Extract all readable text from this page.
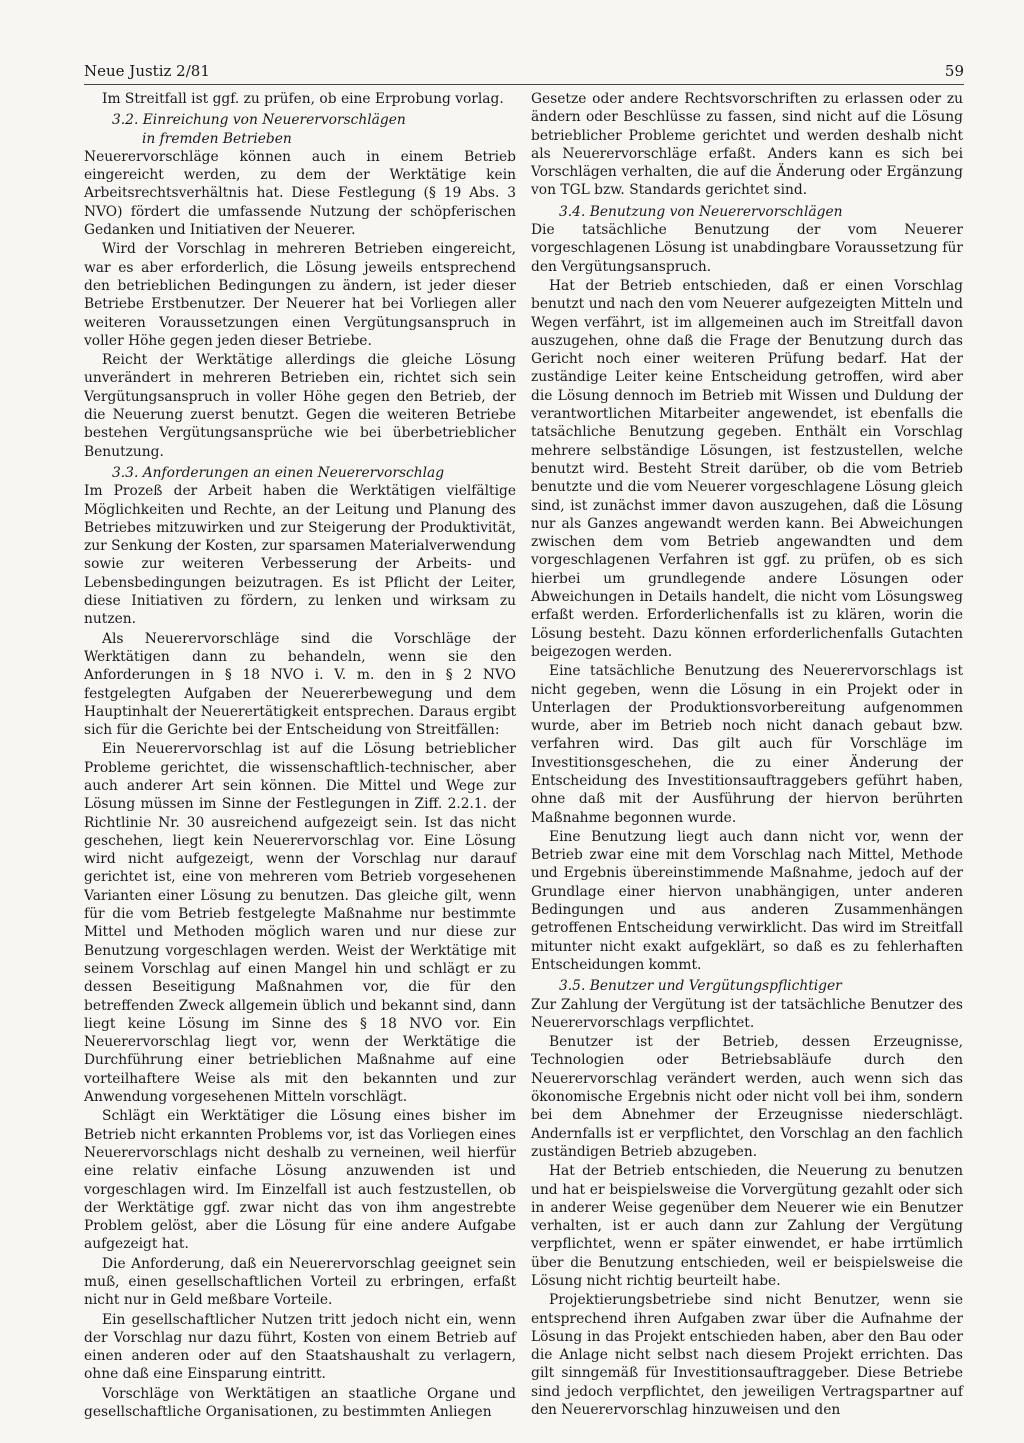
Neue Justiz 2/81	59

Im Streitfall ist ggf. zu prüfen, ob eine Erprobung vorlag.

3.2. Einreichung von Neuerervorschlägen

in fremden Betrieben

Neuerervorschläge können auch in einem Betrieb eingereicht werden, zu dem der Werktätige kein Arbeitsrechtsverhältnis hat. Diese Festlegung (§ 19 Abs. 3 NVO) fördert die umfassende Nutzung der schöpferischen Gedanken und Initiativen der Neuerer.

Wird der Vorschlag in mehreren Betrieben eingereicht, war es aber erforderlich, die Lösung jeweils entsprechend den betrieblichen Bedingungen zu ändern, ist jeder dieser Betriebe Erstbenutzer. Der Neuerer hat bei Vorliegen aller weiteren Voraussetzungen einen Vergütungsanspruch in voller Höhe gegen jeden dieser Betriebe.

Reicht der Werktätige allerdings die gleiche Lösung unverändert in mehreren Betrieben ein, richtet sich sein Vergütungsanspruch in voller Höhe gegen den Betrieb, der die Neuerung zuerst benutzt. Gegen die weiteren Betriebe bestehen Vergütungsansprüche wie bei überbetrieblicher Benutzung.

3.3. Anforderungen an einen Neuerervorschlag

Im Prozeß der Arbeit haben die Werktätigen vielfältige Möglichkeiten und Rechte, an der Leitung und Planung des Betriebes mitzuwirken und zur Steigerung der Produktivität, zur Senkung der Kosten, zur sparsamen Materialverwendung sowie zur weiteren Verbesserung der Arbeits- und Lebensbedingungen beizutragen. Es ist Pflicht der Leiter, diese Initiativen zu fördern, zu lenken und wirksam zu nutzen.

Als Neuerervorschläge sind die Vorschläge der Werktätigen dann zu behandeln, wenn sie den Anforderungen in § 18 NVO i. V. m. den in § 2 NVO festgelegten Aufgaben der Neuererbewegung und dem Hauptinhalt der Neuerertätigkeit entsprechen. Daraus ergibt sich für die Gerichte bei der Entscheidung von Streitfällen:

Ein Neuerervorschlag ist auf die Lösung betrieblicher Probleme gerichtet, die wissenschaftlich-technischer, aber auch anderer Art sein können. Die Mittel und Wege zur Lösung müssen im Sinne der Festlegungen in Ziff. 2.2.1. der Richtlinie Nr. 30 ausreichend aufgezeigt sein. Ist das nicht geschehen, liegt kein Neuerervorschlag vor. Eine Lösung wird nicht aufgezeigt, wenn der Vorschlag nur darauf gerichtet ist, eine von mehreren vom Betrieb vorgesehenen Varianten einer Lösung zu benutzen. Das gleiche gilt, wenn für die vom Betrieb festgelegte Maßnahme nur bestimmte Mittel und Methoden möglich waren und nur diese zur Benutzung vorgeschlagen werden. Weist der Werktätige mit seinem Vorschlag auf einen Mangel hin und schlägt er zu dessen Beseitigung Maßnahmen vor, die für den betreffenden Zweck allgemein üblich und bekannt sind, dann liegt keine Lösung im Sinne des § 18 NVO vor. Ein Neuerervorschlag liegt vor, wenn der Werktätige die Durchführung einer betrieblichen Maßnahme auf eine vorteilhaftere Weise als mit den bekannten und zur Anwendung vorgesehenen Mitteln vorschlägt.

Schlägt ein Werktätiger die Lösung eines bisher im Betrieb nicht erkannten Problems vor, ist das Vorliegen eines Neuerervorschlags nicht deshalb zu verneinen, weil hierfür eine relativ einfache Lösung anzuwenden ist und vorgeschlagen wird. Im Einzelfall ist auch festzustellen, ob der Werktätige ggf. zwar nicht das von ihm angestrebte Problem gelöst, aber die Lösung für eine andere Aufgabe aufgezeigt hat.

Die Anforderung, daß ein Neuerervorschlag geeignet sein muß, einen gesellschaftlichen Vorteil zu erbringen, erfaßt nicht nur in Geld meßbare Vorteile.

Ein gesellschaftlicher Nutzen tritt jedoch nicht ein, wenn der Vorschlag nur dazu führt, Kosten von einem Betrieb auf einen anderen oder auf den Staatshaushalt zu verlagern, ohne daß eine Einsparung eintritt.

Vorschläge von Werktätigen an staatliche Organe und gesellschaftliche Organisationen, zu bestimmten Anliegen

Gesetze oder andere Rechtsvorschriften zu erlassen oder zu ändern oder Beschlüsse zu fassen, sind nicht auf die Lösung betrieblicher Probleme gerichtet und werden deshalb nicht als Neuerervorschläge erfaßt. Anders kann es sich bei Vorschlägen verhalten, die auf die Änderung oder Ergänzung von TGL bzw. Standards gerichtet sind.

3.4. Benutzung von Neuerervorschlägen

Die tatsächliche Benutzung der vom Neuerer vorgeschlagenen Lösung ist unabdingbare Voraussetzung für den Vergütungsanspruch.

Hat der Betrieb entschieden, daß er einen Vorschlag benutzt und nach den vom Neuerer aufgezeigten Mitteln und Wegen verfährt, ist im allgemeinen auch im Streitfall davon auszugehen, ohne daß die Frage der Benutzung durch das Gericht noch einer weiteren Prüfung bedarf. Hat der zuständige Leiter keine Entscheidung getroffen, wird aber die Lösung dennoch im Betrieb mit Wissen und Duldung der verantwortlichen Mitarbeiter angewendet, ist ebenfalls die tatsächliche Benutzung gegeben. Enthält ein Vorschlag mehrere selbständige Lösungen, ist festzustellen, welche benutzt wird. Besteht Streit darüber, ob die vom Betrieb benutzte und die vom Neuerer vorgeschlagene Lösung gleich sind, ist zunächst immer davon auszugehen, daß die Lösung nur als Ganzes angewandt werden kann. Bei Abweichungen zwischen dem vom Betrieb angewandten und dem vorgeschlagenen Verfahren ist ggf. zu prüfen, ob es sich hierbei um grundlegende andere Lösungen oder Abweichungen in Details handelt, die nicht vom Lösungsweg erfaßt werden. Erforderlichenfalls ist zu klären, worin die Lösung besteht. Dazu können erforderlichenfalls Gutachten beigezogen werden.

Eine tatsächliche Benutzung des Neuerervorschlags ist nicht gegeben, wenn die Lösung in ein Projekt oder in Unterlagen der Produktionsvorbereitung aufgenommen wurde, aber im Betrieb noch nicht danach gebaut bzw. verfahren wird. Das gilt auch für Vorschläge im Investitionsgeschehen, die zu einer Änderung der Entscheidung des Investitionsauftraggebers geführt haben, ohne daß mit der Ausführung der hiervon berührten Maßnahme begonnen wurde.

Eine Benutzung liegt auch dann nicht vor, wenn der Betrieb zwar eine mit dem Vorschlag nach Mittel, Methode und Ergebnis übereinstimmende Maßnahme, jedoch auf der Grundlage einer hiervon unabhängigen, unter anderen Bedingungen und aus anderen Zusammenhängen getroffenen Entscheidung verwirklicht. Das wird im Streitfall mitunter nicht exakt aufgeklärt, so daß es zu fehlerhaften Entscheidungen kommt.

3.5. Benutzer und Vergütungspflichtiger

Zur Zahlung der Vergütung ist der tatsächliche Benutzer des Neuerervorschlags verpflichtet.

Benutzer ist der Betrieb, dessen Erzeugnisse, Technologien oder Betriebsabläufe durch den Neuerervorschlag verändert werden, auch wenn sich das ökonomische Ergebnis nicht oder nicht voll bei ihm, sondern bei dem Abnehmer der Erzeugnisse niederschlägt. Andernfalls ist er verpflichtet, den Vorschlag an den fachlich zuständigen Betrieb abzugeben.

Hat der Betrieb entschieden, die Neuerung zu benutzen und hat er beispielsweise die Vorvergütung gezahlt oder sich in anderer Weise gegenüber dem Neuerer wie ein Benutzer verhalten, ist er auch dann zur Zahlung der Vergütung verpflichtet, wenn er später einwendet, er habe irrtümlich über die Benutzung entschieden, weil er beispielsweise die Lösung nicht richtig beurteilt habe.

Projektierungsbetriebe sind nicht Benutzer, wenn sie entsprechend ihren Aufgaben zwar über die Aufnahme der Lösung in das Projekt entschieden haben, aber den Bau oder die Anlage nicht selbst nach diesem Projekt errichten. Das gilt sinngemäß für Investitionsauftraggeber. Diese Betriebe sind jedoch verpflichtet, den jeweiligen Vertragspartner auf den Neuerervorschlag hinzuweisen und den
